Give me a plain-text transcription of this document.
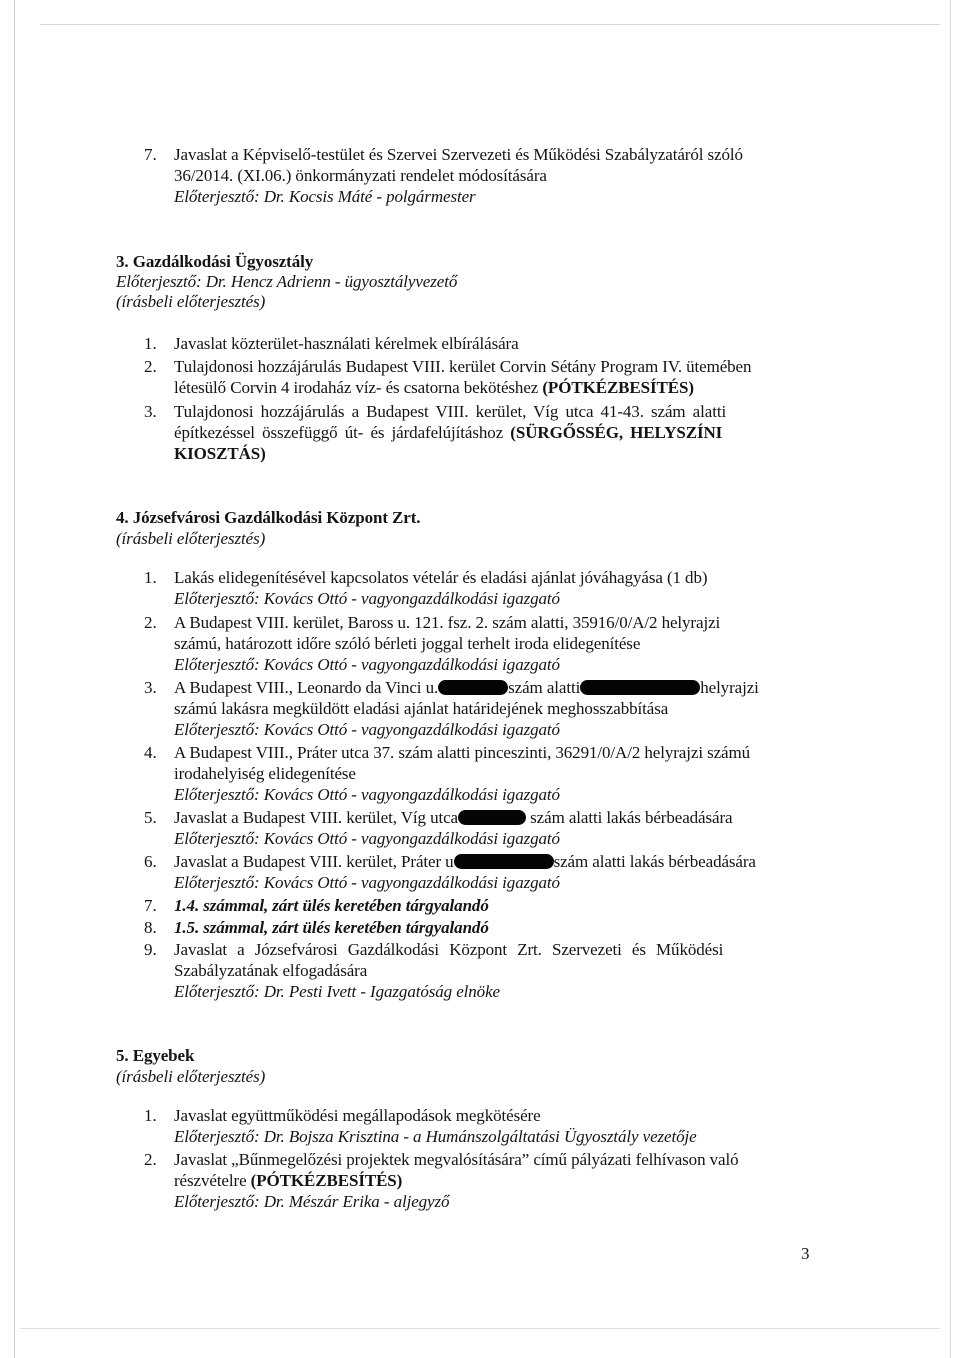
7. Javaslat a Képviselő-testület és Szervei Szervezeti és Működési Szabályzatáról szóló
36/2014. (XI.06.) önkormányzati rendelet módosítására
Előterjesztő: Dr. Kocsis Máté - polgármester
3. Gazdálkodási Ügyosztály
Előterjesztő: Dr. Hencz Adrienn - ügyosztályvezető
(írásbeli előterjesztés)
1. Javaslat közterület-használati kérelmek elbírálására
2. Tulajdonosi hozzájárulás Budapest VIII. kerület Corvin Sétány Program IV. ütemében
létesülő Corvin 4 irodaház víz- és csatorna bekötéshez (PÓTKÉZBESÍTÉS)
3. Tulajdonosi hozzájárulás a Budapest VIII. kerület, Víg utca 41-43. szám alatti
építkezéssel összefüggő út- és járdafelújításhoz (SÜRGŐSSÉG, HELYSZÍNI
KIOSZTÁS)
4. Józsefvárosi Gazdálkodási Központ Zrt.
(írásbeli előterjesztés)
1. Lakás elidegenítésével kapcsolatos vételár és eladási ajánlat jóváhagyása (1 db)
Előterjesztő: Kovács Ottó - vagyongazdálkodási igazgató
2. A Budapest VIII. kerület, Baross u. 121. fsz. 2. szám alatti, 35916/0/A/2 helyrajzi
számú, határozott időre szóló bérleti joggal terhelt iroda elidegenítése
Előterjesztő: Kovács Ottó - vagyongazdálkodási igazgató
3. A Budapest VIII., Leonardo da Vinci u.	szám alatti	helyrajzi
számú lakásra megküldött eladási ajánlat határidejének meghosszabbítása
Előterjesztő: Kovács Ottó - vagyongazdálkodási igazgató
4. A Budapest VIII., Práter utca 37. szám alatti pinceszinti, 36291/0/A/2 helyrajzi számú
irodahelyiség elidegenítése
Előterjesztő: Kovács Ottó - vagyongazdálkodási igazgató
5. Javaslat a Budapest VIII. kerület, Víg utca	szám alatti lakás bérbeadására
Előterjesztő: Kovács Ottó - vagyongazdálkodási igazgató
6. Javaslat a Budapest VIII. kerület, Práter u	szám alatti lakás bérbeadására
Előterjesztő: Kovács Ottó - vagyongazdálkodási igazgató
7. 1.4. számmal, zárt ülés keretében tárgyalandó
8. 1.5. számmal, zárt ülés keretében tárgyalandó
9. Javaslat a Józsefvárosi Gazdálkodási Központ Zrt. Szervezeti és Működési
Szabályzatának elfogadására
Előterjesztő: Dr. Pesti Ivett - Igazgatóság elnöke
5. Egyebek
(írásbeli előterjesztés)
1. Javaslat együttműködési megállapodások megkötésére
Előterjesztő: Dr. Bojsza Krisztina - a Humánszolgáltatási Ügyosztály vezetője
2. Javaslat „Bűnmegelőzési projektek megvalósítására” című pályázati felhívason való
részvételre (PÓTKÉZBESÍTÉS)
Előterjesztő: Dr. Mészár Erika - aljegyző
3
